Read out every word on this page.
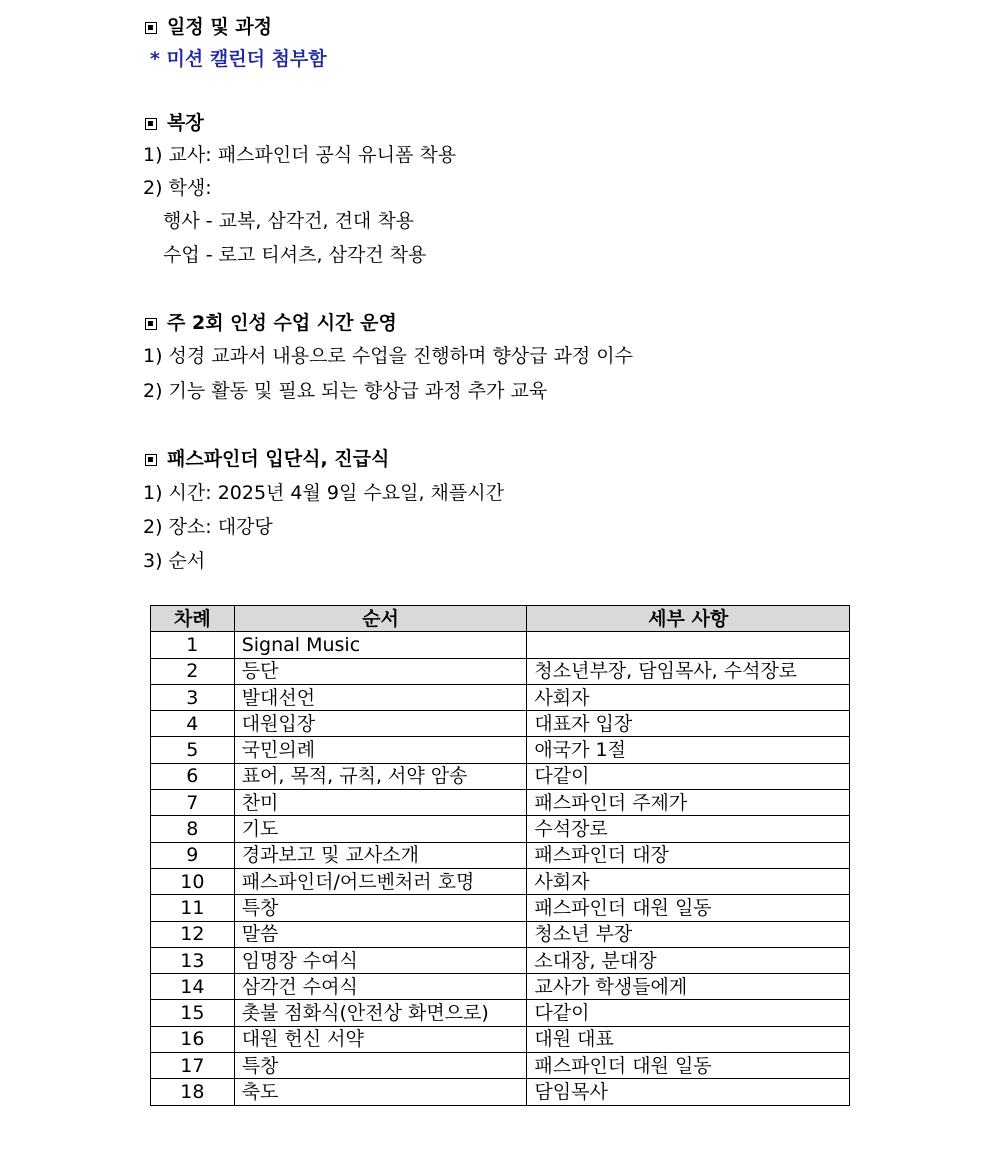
일정 및 과정
* 미션 캘린더 첨부함
복장
1) 교사: 패스파인더 공식 유니폼 착용
2) 학생:
행사 - 교복, 삼각건, 견대 착용
수업 - 로고 티셔츠, 삼각건 착용
주 2회 인성 수업 시간 운영
1) 성경 교과서 내용으로 수업을 진행하며 향상급 과정 이수
2) 기능 활동 및 필요 되는 향상급 과정 추가 교육
패스파인더 입단식, 진급식
1) 시간: 2025년 4월 9일 수요일, 채플시간
2) 장소: 대강당
3) 순서
차례	순서	세부 사항
1	Signal Music	
2	등단	청소년부장, 담임목사, 수석장로
3	발대선언	사회자
4	대원입장	대표자 입장
5	국민의례	애국가 1절
6	표어, 목적, 규칙, 서약 암송	다같이
7	찬미	패스파인더 주제가
8	기도	수석장로
9	경과보고 및 교사소개	패스파인더 대장
10	패스파인더/어드벤처러 호명	사회자
11	특창	패스파인더 대원 일동
12	말씀	청소년 부장
13	임명장 수여식	소대장, 분대장
14	삼각건 수여식	교사가 학생들에게
15	촛불 점화식(안전상 화면으로)	다같이
16	대원 헌신 서약	대원 대표
17	특창	패스파인더 대원 일동
18	축도	담임목사
